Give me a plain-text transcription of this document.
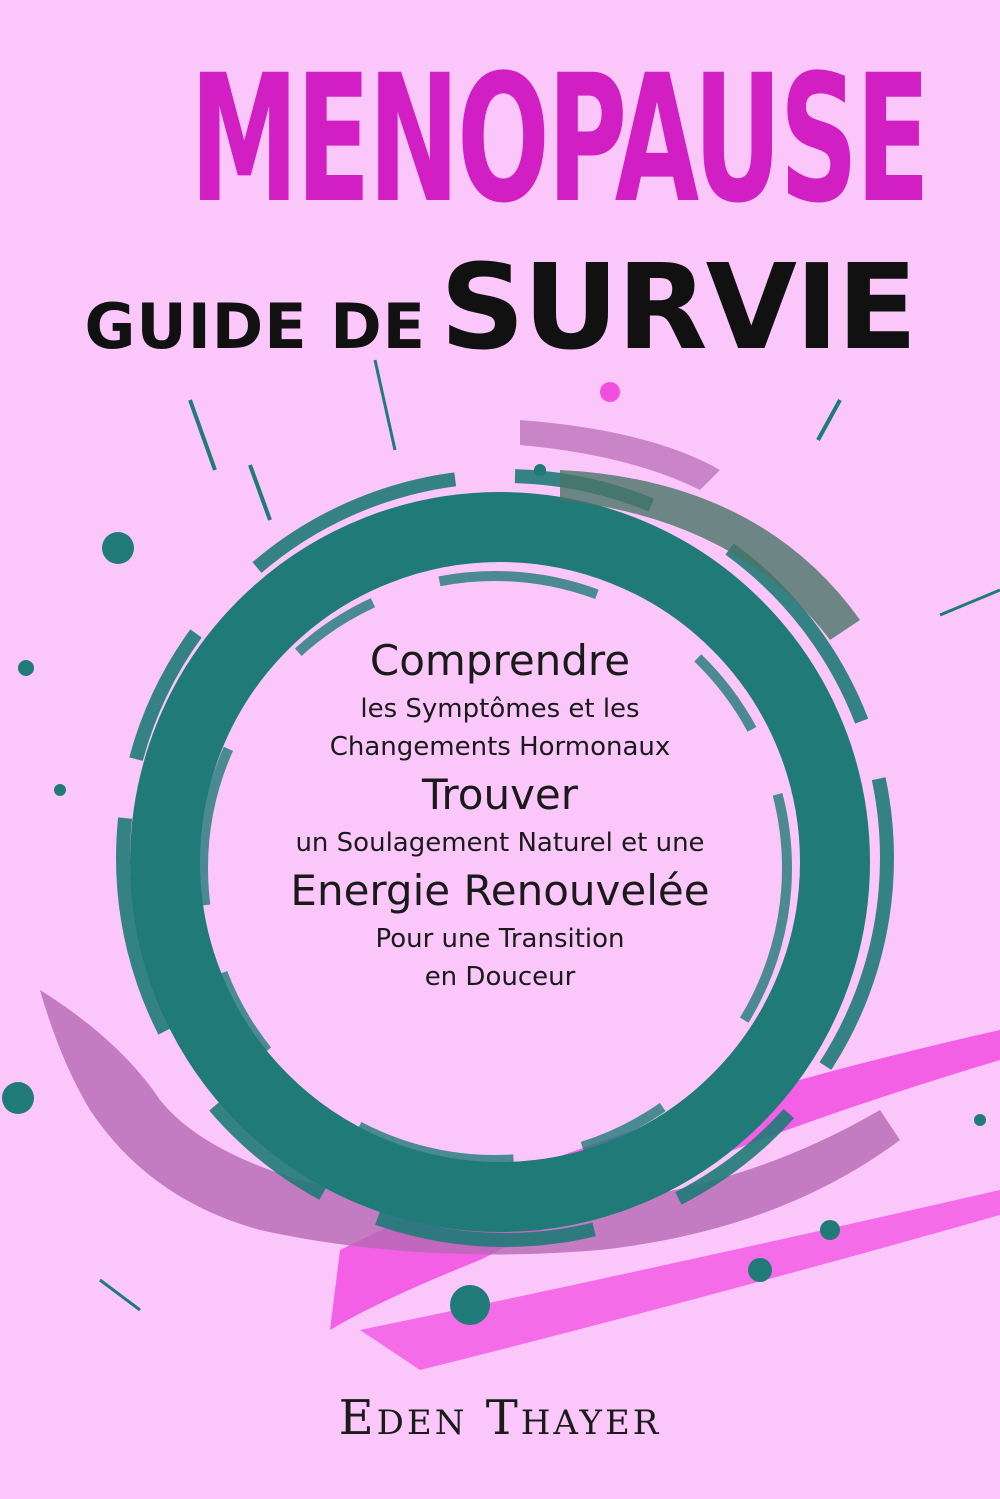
MENOPAUSE
GUIDE DE SURVIE
Comprendre
les Symptômes et les
Changements Hormonaux
Trouver
un Soulagement Naturel et une
Energie Renouvelée
Pour une Transition
en Douceur
Eden Thayer
